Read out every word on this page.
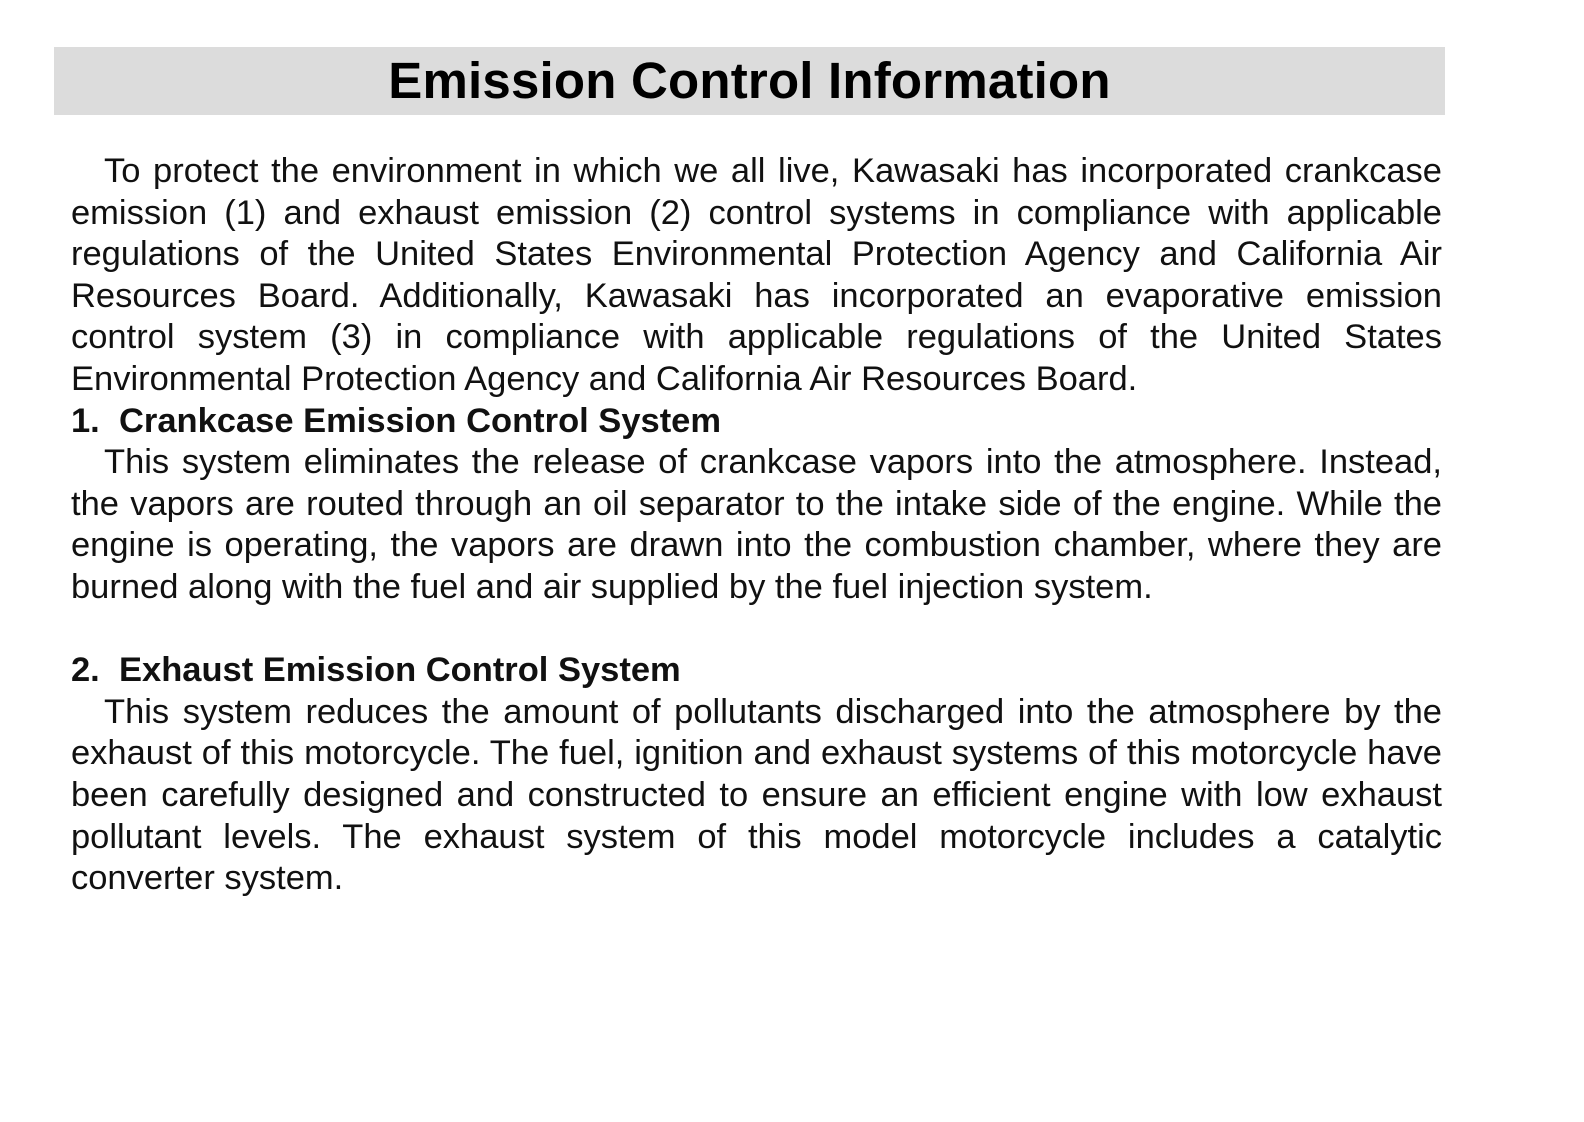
Emission Control Information

To protect the environment in which we all live, Kawasaki has incorporated crankcase emission (1) and exhaust emission (2) control systems in compliance with applicable regulations of the United States Environmental Protection Agency and California Air Resources Board. Additionally, Kawasaki has incorporated an evaporative emission control system (3) in compliance with applicable regulations of the United States Environmental Protection Agency and California Air Resources Board.

1. Crankcase Emission Control System

This system eliminates the release of crankcase vapors into the atmosphere. Instead, the vapors are routed through an oil separator to the intake side of the engine. While the engine is operating, the vapors are drawn into the combustion chamber, where they are burned along with the fuel and air supplied by the fuel injection system.

2. Exhaust Emission Control System

This system reduces the amount of pollutants discharged into the atmosphere by the exhaust of this motorcycle. The fuel, ignition and exhaust systems of this motorcycle have been carefully designed and constructed to ensure an efficient engine with low exhaust pollutant levels. The exhaust system of this model motorcycle includes a catalytic converter system.
